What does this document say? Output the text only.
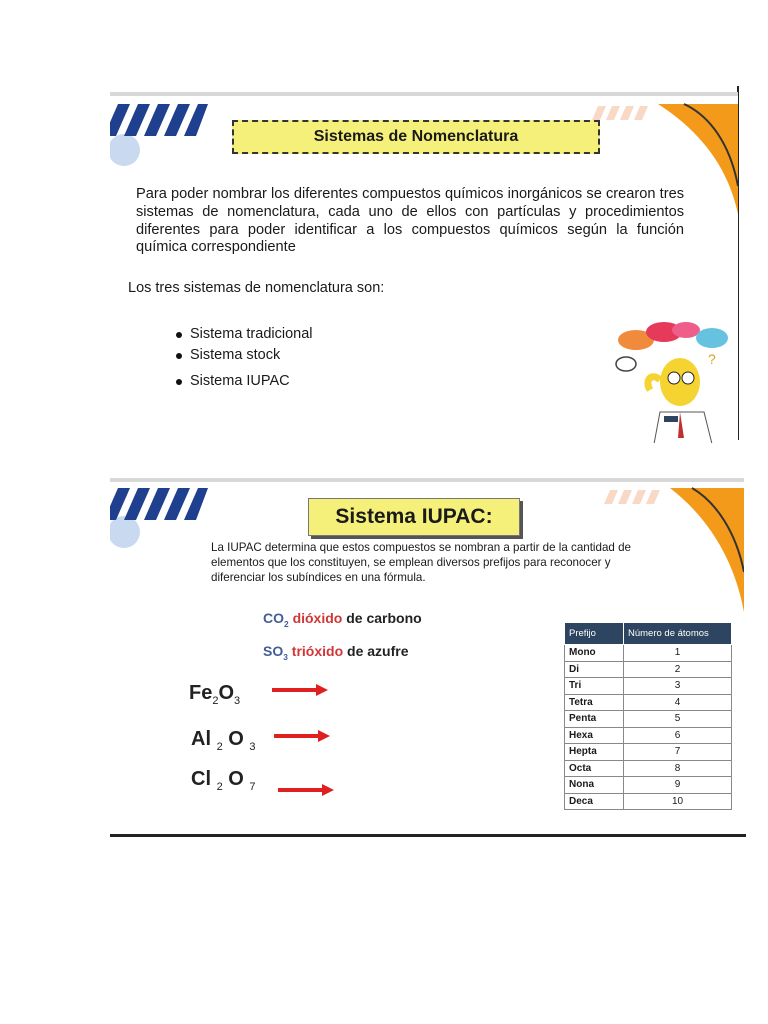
Sistemas de Nomenclatura

Para poder nombrar los diferentes compuestos químicos inorgánicos se crearon tres sistemas de nomenclatura, cada uno de ellos con partículas y procedimientos diferentes para poder identificar a los compuestos químicos según la función química correspondiente

Los tres sistemas de nomenclatura son:

Sistema tradicional
Sistema stock
Sistema IUPAC
?
Sistema IUPAC:

La IUPAC determina que estos compuestos se nombran a partir de la cantidad de elementos que los constituyen, se emplean diversos prefijos para reconocer y diferenciar los subíndices en una fórmula.

$CO_2$ dióxido de carbono
$SO_3$ trióxido de azufre
$Fe_2O_3$
Al $_2$ O $_3$
Cl $_2$ O $_7$
Prefijo	Número de átomos
Mono	1
Di	2
Tri	3
Tetra	4
Penta	5
Hexa	6
Hepta	7
Octa	8
Nona	9
Deca	10
